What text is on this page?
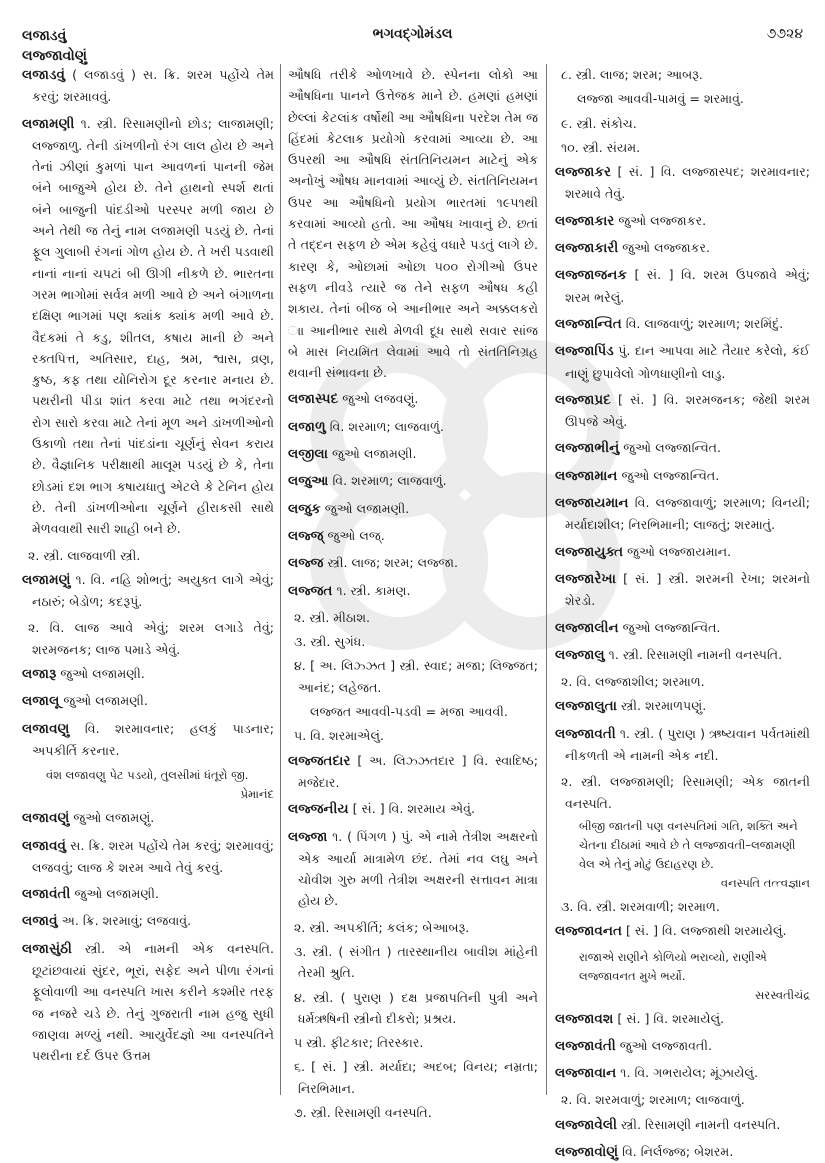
લજાડવું
લજ્જાવોણું
ભગવદ્ગોમંડલ	૭૭૨૪

લજાડવું ( લજાડવું ) સ. ક્રિ. શરમ પહોંચે તેમ કરવું; શરમાવવું.

લજામણી ૧. સ્ત્રી. રિસામણીનો છોડ; લાજામણી; લજ્જાળુ. તેની ડાંખળીનો રંગ લાલ હોય છે અને તેનાં ઝીણાં કુમળાં પાન આવળનાં પાનની જેમ બંને બાજુએ હોય છે. તેને હાથનો સ્પર્શ થતાં બંને બાજુની પાંદડીઓ પરસ્પર મળી જાય છે અને તેથી જ તેનું નામ લજામણી પડયું છે. તેનાં ફૂલ ગુલાબી રંગનાં ગોળ હોય છે. તે ખરી પડવાથી નાનાં નાનાં ચપટાં બી ઊગી નીકળે છે. ભારતના ગરમ ભાગોમાં સર્વત્ર મળી આવે છે અને બંગાળના દક્ષિણ ભાગમાં પણ ક્યાંક ક્યાંક મળી આવે છે. વૈદકમાં તે કડુ, શીતલ, કષાય માની છે અને રક્તપિત્ત, અતિસાર, દાહ, શ્રમ, શ્વાસ, વ્રણ, કુષ્ઠ, કફ તથા યોનિરોગ દૂર કરનાર મનાય છે. પથરીની પીડા શાંત કરવા માટે તથા ભગંદરનો રોગ સારો કરવા માટે તેનાં મૂળ અને ડાંખળીઓનો ઉકાળો તથા તેનાં પાંદડાંના ચૂર્ણનું સેવન કરાય છે. વૈજ્ઞાનિક પરીક્ષાથી માલૂમ પડયું છે કે, તેના છોડમાં દશ ભાગ કષાયધાતુ એટલે કે ટેનિન હોય છે. તેની ડાંખળીઓના ચૂર્ણને હીરાકસી સાથે મેળવવાથી સારી શાહી બને છે.

૨. સ્ત્રી. લાજવાળી સ્ત્રી.

લજામણું ૧. વિ. નહિ શોભતું; અયુક્ત લાગે એવું; નઠારું; બેડોળ; કદરૂપું.

૨. વિ. લાજ આવે એવું; શરમ લગાડે તેવું; શરમજનક; લાજ પમાડે એવું.

લજારૂ જુઓ લજામણી.

લજાલૂ જુઓ લજામણી.

લજાવણુ વિ. શરમાવનાર; હલકું પાડનાર; અપકીર્તિ કરનાર.

વંશ લજાવણુ પેટ પડયો, તુલસીમાં ધંતૂરો જી.
પ્રેમાનંદ

લજાવણું જુઓ લજામણું.

લજાવવું સ. ક્રિ. શરમ પહોંચે તેમ કરવું; શરમાવવું; લજવવું; લાજ કે શરમ આવે તેવું કરવું.

લજાવંતી જુઓ લજામણી.

લજાવું અ. ક્રિ. શરમાવું; લજવાવું.

લજાસુંઠી સ્ત્રી. એ નામની એક વનસ્પતિ. છૂટાંછવાયાં સુંદર, ભૂરાં, સફેદ અને પીળા રંગનાં ફૂલોવાળી આ વનસ્પતિ ખાસ કરીને કશ્મીર તરફ જ નજરે ચડે છે. તેનું ગુજરાતી નામ હજુ સુધી જાણવા મળ્યું નથી. આયુર્વેદજ્ઞો આ વનસ્પતિને પથરીના દર્દ ઉપર ઉત્તમ

ઔષધિ તરીકે ઓળખાવે છે. સ્પેનના લોકો આ ઔષધિના પાનને ઉત્તેજક માને છે. હમણાં હમણાં છેલ્લાં કેટલાંક વર્ષોથી આ ઔષધિના પરદેશ તેમ જ હિંદમાં કેટલાક પ્રયોગો કરવામાં આવ્યા છે. આ ઉપરથી આ ઔષધિ સંતતિનિયમન માટેનું એક અનોખું ઔષધ માનવામાં આવ્યું છે. સંતતિનિયમન ઉપર આ ઔષધિનો પ્રયોગ ભારતમાં ૧૯૫૧થી કરવામાં આવ્યો હતો. આ ઔષધ ખાવાનું છે. છતાં તે તદ્દન સફળ છે એમ કહેવું વધારે પડતું લાગે છે. કારણ કે, ઓછામાં ઓછા ૫૦૦ રોગીઓ ઉપર સફળ નીવડે ત્યારે જ તેને સફળ ઔષધ કહી શકાય. તેનાં બીજ બે આનીભાર અને અક્કલકરો ાા આનીભાર સાથે મેળવી દૂધ સાથે સવાર સાંજ બે માસ નિયમિત લેવામાં આવે તો સંતતિનિગ્રહ થવાની સંભાવના છે.

લજાસ્પદ જુઓ લજવણું.

લજાળુ વિ. શરમાળ; લાજવાળું.

લજીલા જુઓ લજામણી.

લજુઆ વિ. શરમાળ; લાજવાળું.

લજુક જુઓ લજામણી.

લજ્જ્ જુઓ લજ્.

લજ્જ સ્ત્રી. લાજ; શરમ; લજ્જા.

લજ્જત ૧. સ્ત્રી. કામણ.

૨. સ્ત્રી. મીઠાશ.

૩. સ્ત્રી. સુગંધ.

૪. [ અ. લિઝ્ઝત ] સ્ત્રી. સ્વાદ; મજા; લિજ્જત; આનંદ; લહેજત.

લજ્જત આવવી-પડવી = મજા આવવી.

૫. વિ. શરમાએલું.

લજ્જતદાર [ અ. લિઝ્ઝતદાર ] વિ. સ્વાદિષ્ઠ; મજેદાર.

લજ્જનીય [ સં. ] વિ. શરમાય એવું.

લજ્જા ૧. ( પિંગળ ) પું. એ નામે તેત્રીશ અક્ષરનો એક આર્યા માત્રામેળ છંદ. તેમાં નવ લઘુ અને ચોવીશ ગુરુ મળી તેત્રીશ અક્ષરની સત્તાવન માત્રા હોય છે.

૨. સ્ત્રી. અપકીર્તિ; કલંક; બેઆબરૂ.

૩. સ્ત્રી. ( સંગીત ) તારસ્થાનીય બાવીશ માંહેની તેરમી શ્રુતિ.

૪. સ્ત્રી. ( પુરાણ ) દક્ષ પ્રજાપતિની પુત્રી અને ધર્મઋષિની સ્ત્રીનો દીકરો; પ્રશ્રય.

૫ સ્ત્રી. ફીટકાર; તિરસ્કાર.

૬. [ સં. ] સ્ત્રી. મર્યાદા; અદબ; વિનય; નમ્રતા; નિરભિમાન.

૭. સ્ત્રી. રિસામણી વનસ્પતિ.

૮. સ્ત્રી. લાજ; શરમ; આબરૂ.

લજ્જા આવવી-પામવું = શરમાવું.

૯. સ્ત્રી. સંકોચ.

૧૦. સ્ત્રી. સંયમ.

લજ્જાકર [ સં. ] વિ. લજ્જાસ્પદ; શરમાવનાર; શરમાવે તેવું.

લજ્જાકાર જુઓ લજ્જાકર.

લજ્જાકારી જુઓ લજ્જાકર.

લજ્જાજનક [ સં. ] વિ. શરમ ઉપજાવે એવું; શરમ ભરેલું.

લજ્જાન્વિત વિ. લાજવાળું; શરમાળ; શરમિંદું.

લજ્જાપિંડ પું. દાન આપવા માટે તૈયાર કરેલો, કંઈ નાણું છુપાવેલો ગોળધાણીનો લાડુ.

લજ્જાપ્રદ [ સં. ] વિ. શરમજનક; જેથી શરમ ઊપજે એવું.

લજ્જાભીનું જુઓ લજ્જાન્વિત.

લજ્જામાન જુઓ લજ્જાન્વિત.

લજ્જાયમાન વિ. લજ્જાવાળું; શરમાળ; વિનયી; મર્યાદાશીલ; નિરભિમાની; લાજતું; શરમાતું.

લજ્જાયુક્ત જુઓ લજ્જાયમાન.

લજ્જારેખા [ સં. ] સ્ત્રી. શરમની રેખા; શરમનો શેરડો.

લજ્જાલીન જુઓ લજ્જાન્વિત.

લજ્જાલુ ૧. સ્ત્રી. રિસામણી નામની વનસ્પતિ.

૨. વિ. લજ્જાશીલ; શરમાળ.

લજ્જાલુતા સ્ત્રી. શરમાળપણું.

લજ્જાવતી ૧. સ્ત્રી. ( પુરાણ ) ઋષ્યવાન પર્વતમાંથી નીકળતી એ નામની એક નદી.

૨. સ્ત્રી. લજ્જામણી; રિસામણી; એક જાતની વનસ્પતિ.

બીજી જાતની પણ વનસ્પતિમાં ગતિ, શક્તિ અને ચેતના દીઠામાં આવે છે તે લજ્જાવતી–લજામણી વેલ એ તેનું મોટું ઉદાહરણ છે.
વનસ્પતિ તત્ત્વજ્ઞાન

૩. વિ. સ્ત્રી. શરમવાળી; શરમાળ.

લજ્જાવનત [ સં. ] વિ. લજ્જાથી શરમાયેલું.

રાજાએ રાણીને કોળિયો ભરાવ્યો, રાણીએ લજ્જાવનત મુખે ભર્યો.
સરસ્વતીચંદ્ર

લજ્જાવશ [ સં. ] વિ. શરમાયેલું.

લજ્જાવંતી જુઓ લજ્જાવતી.

લજ્જાવાન ૧. વિ. ગભરાયેલ; મૂંઝાયેલું.

૨. વિ. શરમવાળું; શરમાળ; લાજવાળું.

લજ્જાવેલી સ્ત્રી. રિસામણી નામની વનસ્પતિ.

લજ્જાવોણું વિ. નિર્લજ્જ; બેશરમ.
